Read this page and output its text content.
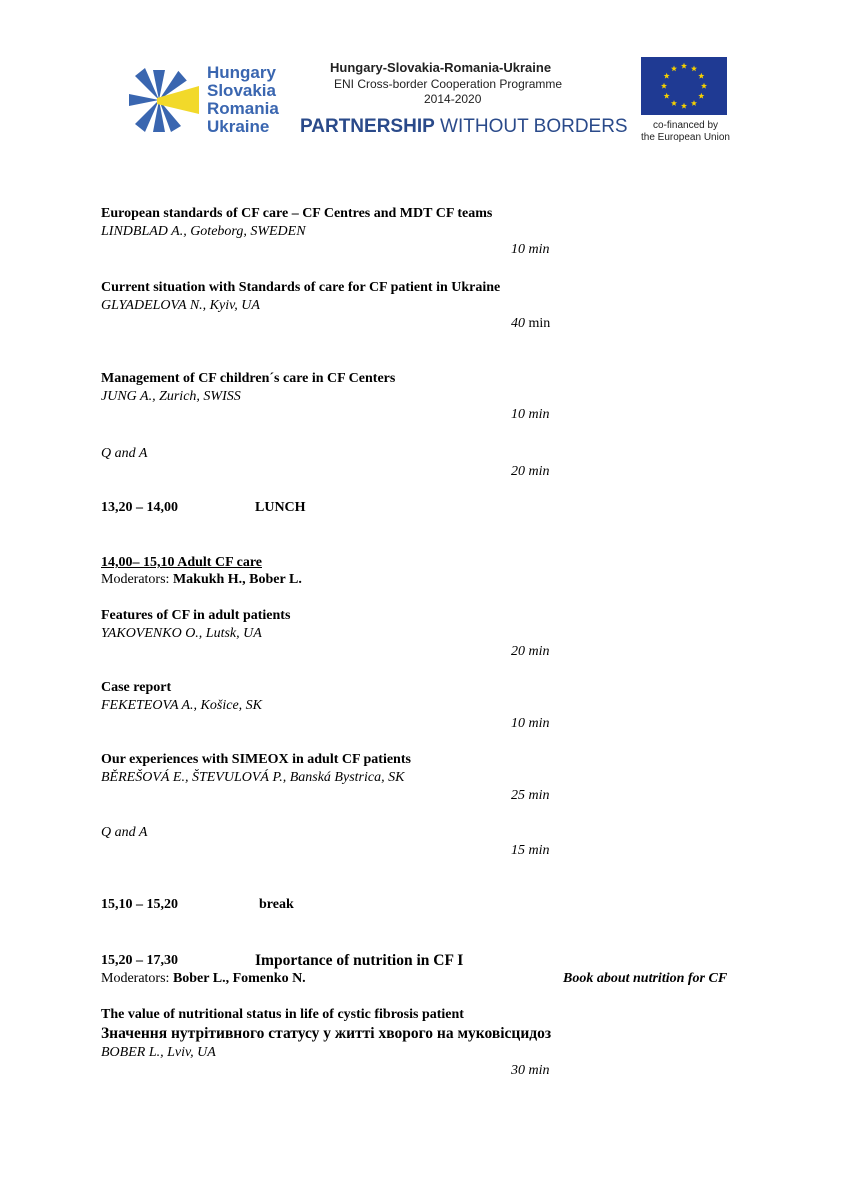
Hungary
Slovakia
Romania
Ukraine
Hungary-Slovakia-Romania-Ukraine
ENI Cross-border Cooperation Programme
2014-2020
PARTNERSHIP WITHOUT BORDERS	co-financed by
the European Union
European standards of CF care – CF Centres and MDT CF teams
LINDBLAD A., Goteborg, SWEDEN
10 min
Current situation with Standards of care for CF patient in Ukraine
GLYADELOVA N., Kyiv, UA
40 min
Management of CF children´s care in CF Centers
JUNG A., Zurich, SWISS
10 min
Q and A
20 min
13,20 – 14,00	LUNCH
14,00– 15,10 Adult CF care
Moderators: Makukh H., Bober L.
Features of CF in adult patients
YAKOVENKO O., Lutsk, UA
20 min
Case report
FEKETEOVA A., Košice, SK
10 min
Our experiences with SIMEOX in adult CF patients
BĚREŠOVÁ E., ŠTEVULOVÁ P., Banská Bystrica, SK
25 min
Q and A
15 min
15,10 – 15,20	break
15,20 – 17,30	Importance of nutrition in CF I
Moderators: Bober L., Fomenko N.	Book about nutrition for CF
The value of nutritional status in life of cystic fibrosis patient
Значення нутрітивного статусу у житті хворого на муковісцидоз
BOBER L., Lviv, UA
30 min
